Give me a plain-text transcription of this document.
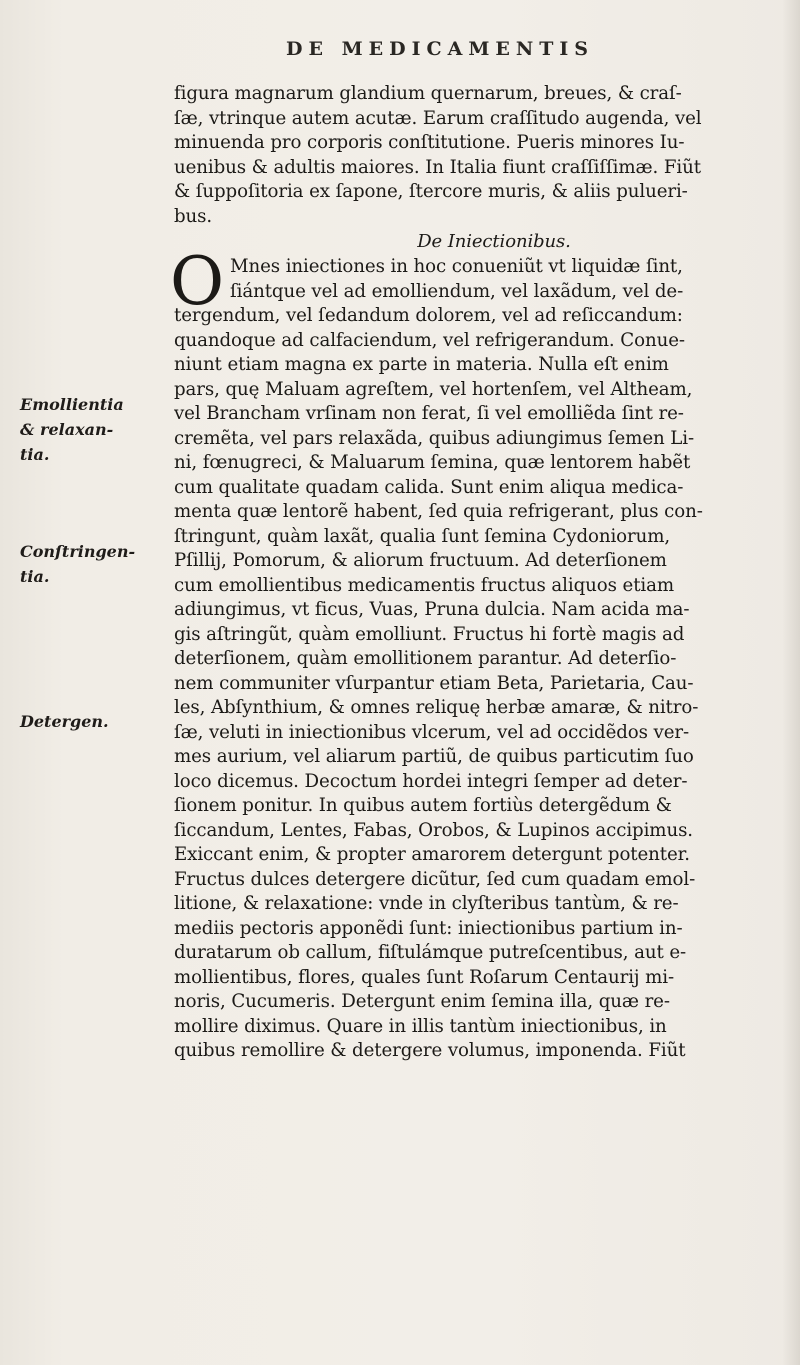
DE MEDICAMENTIS
figura magnarum glandium quernarum, breues, & craſ-
ſæ, vtrinque autem acutæ. Earum craſſitudo augenda, vel
minuenda pro corporis conſtitutione. Pueris minores Iu-
uenibus & adultis maiores. In Italia fiunt craſſiſſimæ. Fiũt
& ſuppoſitoria ex ſapone, ſtercore muris, & aliis puluerі-
bus.
De Iniectionibus.
O Mnes iniectiones in hoc conueniũt vt liquidæ ſint,
ſiántque vel ad emolliendum, vel laxãdum, vel de-
tergendum, vel ſedandum dolorem, vel ad reſiccandum:
quandoque ad calfaciendum, vel refrigerandum. Conue-
niunt etiam magna ex parte in materia. Nulla eſt enim
pars, quę Maluam agreſtem, vel hortenſem, vel Altheam,
vel Brancham vrſinam non ferat, ſi vel emolliẽda ſint re-
cremẽta, vel pars relaxãda, quibus adiungimus ſemen Li-
ni, fœnugreci, & Maluarum ſemina, quæ lentorem habẽt
cum qualitate quadam calida. Sunt enim aliqua medica-
menta quæ lentorẽ habent, ſed quia refrigerant, plus con-
ſtringunt, quàm laxãt, qualia ſunt ſemina Cydoniorum,
Pſillij, Pomorum, & aliorum fructuum. Ad deterſionem
cum emollientibus medicamentis fructus aliquos etiam
adiungimus, vt ficus, Vuas, Pruna dulcia. Nam acida ma-
gis aſtringũt, quàm emolliunt. Fructus hi fortè magis ad
deterſionem, quàm emollitionem parantur. Ad deterſio-
nem communiter vſurpantur etiam Beta, Parietaria, Cau-
les, Abſynthium, & omnes reliquę herbæ amaræ, & nitro-
ſæ, veluti in iniectionibus vlcerum, vel ad occidẽdos ver-
mes aurium, vel aliarum partiũ, de quibus particutim ſuo
loco dicemus. Decoctum hordei integri ſemper ad deter-
ſionem ponitur. In quibus autem fortiùs detergẽdum &
ſiccandum, Lentes, Fabas, Orobos, & Lupinos accipimus.
Exiccant enim, & propter amarorem detergunt potenter.
Fructus dulces detergere dicũtur, ſed cum quadam emol-
litione, & relaxatione: vnde in clyſteribus tantùm, & re-
mediis pectoris apponẽdi ſunt: iniectionibus partium in-
duratarum ob callum, fiſtulámque putreſcentibus, aut e-
mollientibus, flores, quales ſunt Roſarum Centaurij mi-
noris, Cucumeris. Detergunt enim ſemina illa, quæ re-
mollire diximus. Quare in illis tantùm iniectionibus, in
quibus remollire & detergere volumus, imponenda. Fiũt
Emollientia
& relaxan-
tia.
Conſtringen-
tia.
Detergen.
